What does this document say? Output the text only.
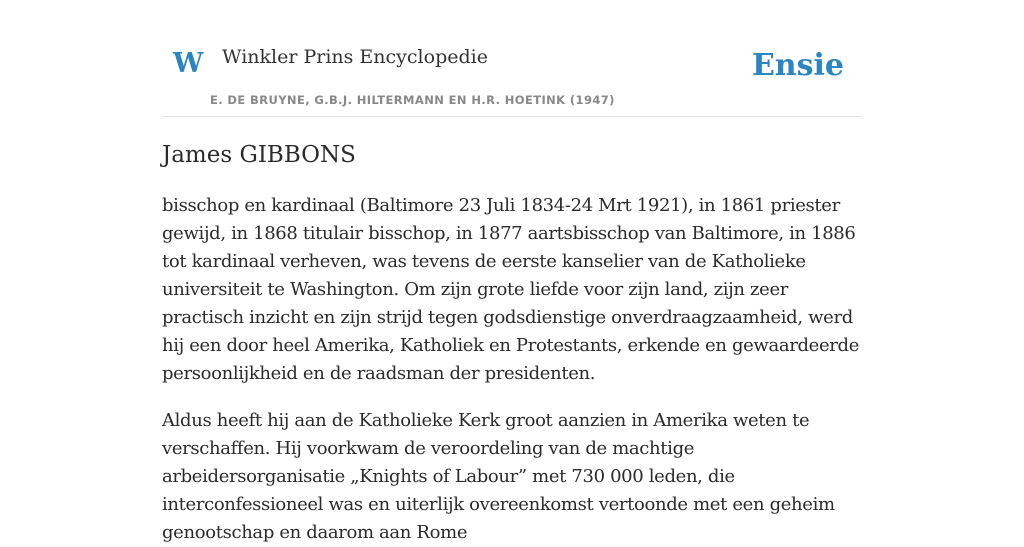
W Winkler Prins Encyclopedie
E. DE BRUYNE, G.B.J. HILTERMANN EN H.R. HOETINK (1947)
Ensie
James GIBBONS

bisschop en kardinaal (Baltimore 23 Juli 1834-24 Mrt 1921), in 1861 priester gewijd, in 1868 titulair bisschop, in 1877 aartsbisschop van Baltimore, in 1886 tot kardinaal verheven, was tevens de eerste kanselier van de Katholieke universiteit te Washington. Om zijn grote liefde voor zijn land, zijn zeer practisch inzicht en zijn strijd tegen godsdienstige onverdraagzaamheid, werd hij een door heel Amerika, Katholiek en Protestants, erkende en gewaardeerde persoonlijkheid en de raadsman der presidenten.

Aldus heeft hij aan de Katholieke Kerk groot aanzien in Amerika weten te verschaffen. Hij voorkwam de veroordeling van de machtige arbeidersorganisatie „Knights of Labour” met 730 000 leden, die interconfessioneel was en uiterlijk overeenkomst vertoonde met een geheim genootschap en daarom aan Rome
